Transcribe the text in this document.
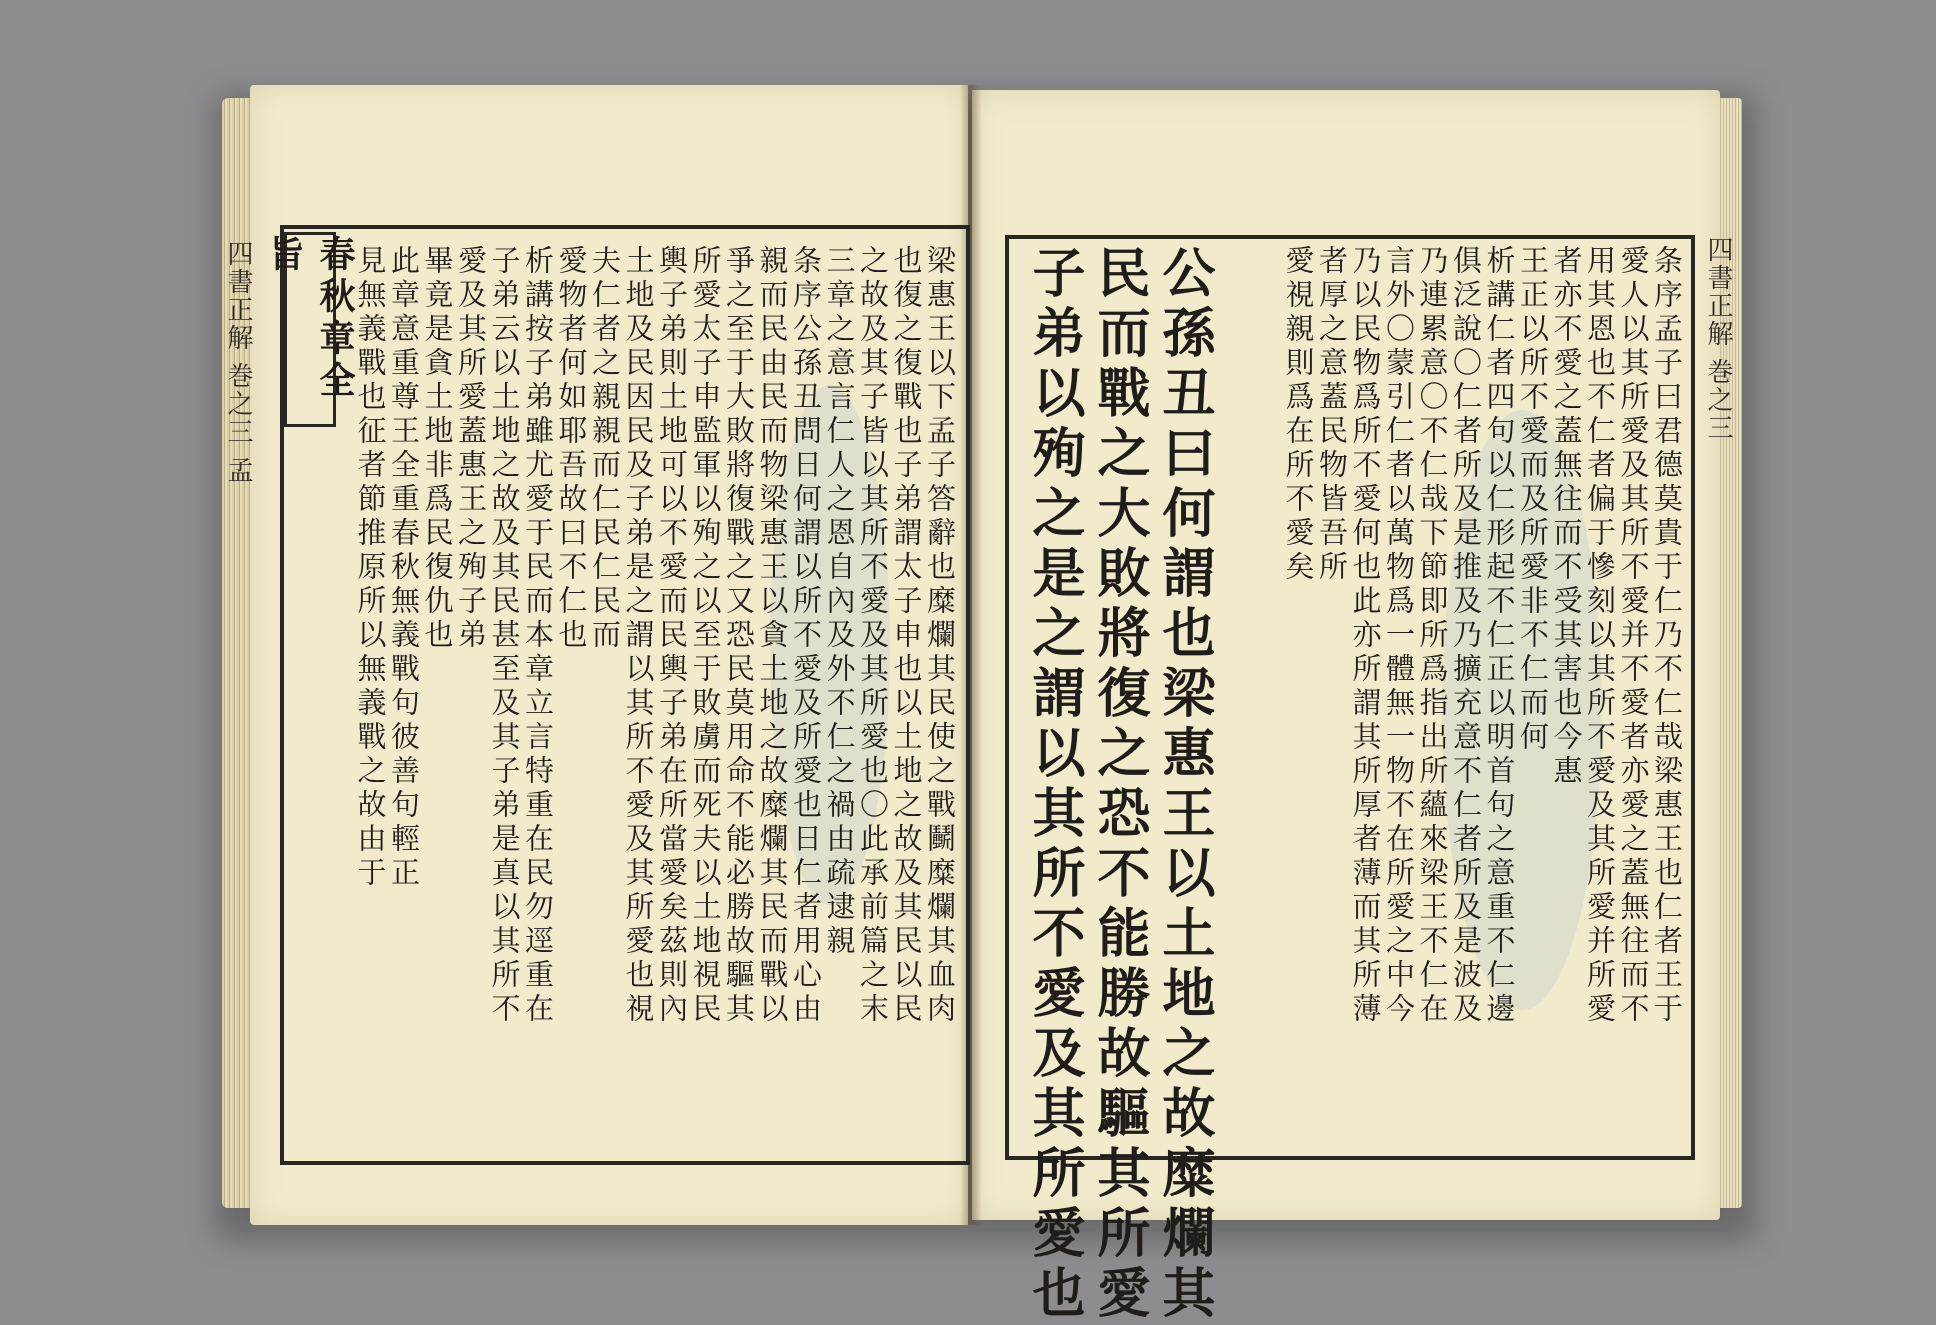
四書正解 巻之三 孟	四書正解 巻之三
春秋章全旨	梁惠王以下孟子答辭也糜爛其民使之戰鬭糜爛其血肉
也復之復戰也子弟謂太子申也以土地之故及其民以民
之故及其子皆以其所不愛及其所愛也〇此承前篇之末
三章之意言仁人之恩自內及外不仁之禍由疏逮親
条序公孫丑問日何謂以所不愛及所愛也日仁者用心由
親而民由民而物梁惠王以貪土地之故糜爛其民而戰以
爭之至于大敗將復戰之又恐民莫用命不能必勝故驅其
所愛太子申監軍以殉之以至于敗虜而死夫以土地視民
輿子弟則土地可以不愛而民輿子弟在所當愛矣茲則內
土地及民因民及子弟是之謂以其所不愛及其所愛也視
夫仁者之親親而仁民仁民而
愛物者何如耶吾故曰不仁也
析講按子弟雖尤愛于民而本章立言特重在民勿逕重在
子弟云以土地之故及其民甚至及其子弟是真以其所不
愛及其所愛蓋惠王之殉子弟
畢竟是貪土地非爲民復仇也
此章意重尊王全重春秋無義戰句彼善句輕正
見無義戰也征者節推原所以無義戰之故由于	条序孟子曰君德莫貴于仁乃不仁哉梁惠王也仁者王于
愛人以其所愛及其所不愛并不愛者亦愛之蓋無往而不
用其恩也不仁者偏于慘刻以其所不愛及其所愛并所愛
者亦不愛之蓋無往而不受其害也今惠
王正以所不愛而及所愛非不仁而何
析講仁者四句以仁形起不仁正以明首句之意重不仁邊
俱泛說〇仁者所及是推及乃擴充意不仁者所及是波及
乃連累意〇不仁哉下節即所爲指出所蘊來梁王不仁在
言外〇蒙引仁者以萬物爲一體無一物不在所愛之中今
乃以民物爲所不愛何也此亦所謂其所厚者薄而其所薄
者厚之意蓋民物皆吾所
愛視親則爲在所不愛矣
公孫丑曰何謂也梁惠王以土地之故糜爛其
民而戰之大敗將復之恐不能勝故驅其所愛
子弟以殉之是之謂以其所不愛及其所愛也
